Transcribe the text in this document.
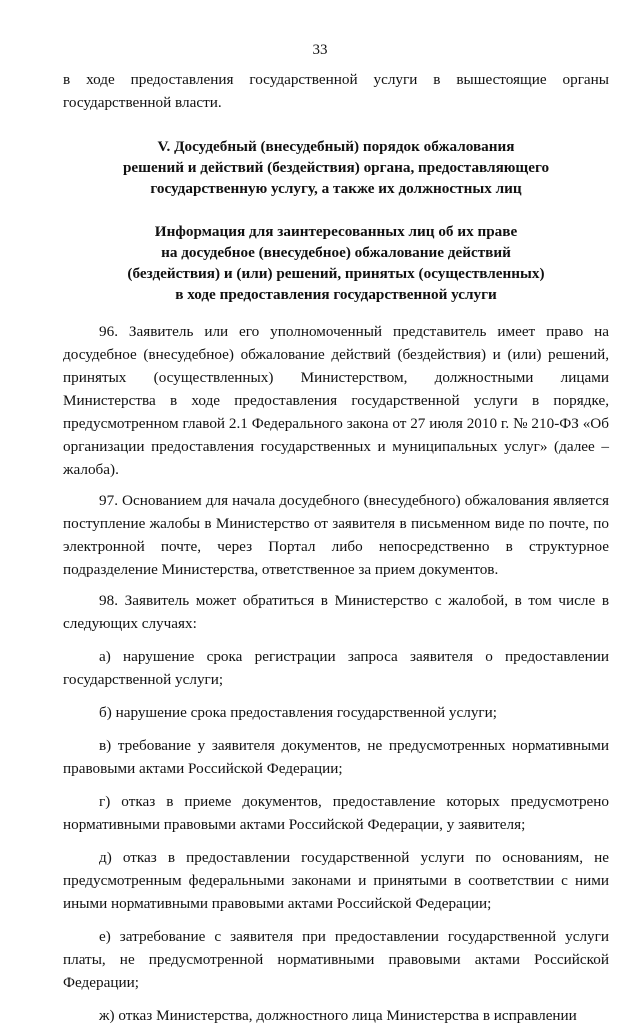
33

в ходе предоставления государственной услуги в вышестоящие органы государственной власти.

V. Досудебный (внесудебный) порядок обжалования
решений и действий (бездействия) органа, предоставляющего
государственную услугу, а также их должностных лиц
Информация для заинтересованных лиц об их праве
на досудебное (внесудебное) обжалование действий
(бездействия) и (или) решений, принятых (осуществленных)
в ходе предоставления государственной услуги

96. Заявитель или его уполномоченный представитель имеет право на досудебное (внесудебное) обжалование действий (бездействия) и (или) решений, принятых (осуществленных) Министерством, должностными лицами Министерства в ходе предоставления государственной услуги в порядке, предусмотренном главой 2.1 Федерального закона от 27 июля 2010 г. № 210-ФЗ «Об организации предоставления государственных и муниципальных услуг» (далее – жалоба).

97. Основанием для начала досудебного (внесудебного) обжалования является поступление жалобы в Министерство от заявителя в письменном виде по почте, по электронной почте, через Портал либо непосредственно в структурное подразделение Министерства, ответственное за прием документов.

98. Заявитель может обратиться в Министерство с жалобой, в том числе в следующих случаях:

а) нарушение срока регистрации запроса заявителя о предоставлении государственной услуги;

б) нарушение срока предоставления государственной услуги;

в) требование у заявителя документов, не предусмотренных нормативными правовыми актами Российской Федерации;

г) отказ в приеме документов, предоставление которых предусмотрено нормативными правовыми актами Российской Федерации, у заявителя;

д) отказ в предоставлении государственной услуги по основаниям, не предусмотренным федеральными законами и принятыми в соответствии с ними иными нормативными правовыми актами Российской Федерации;

е) затребование с заявителя при предоставлении государственной услуги платы, не предусмотренной нормативными правовыми актами Российской Федерации;

ж) отказ Министерства, должностного лица Министерства в исправлении
